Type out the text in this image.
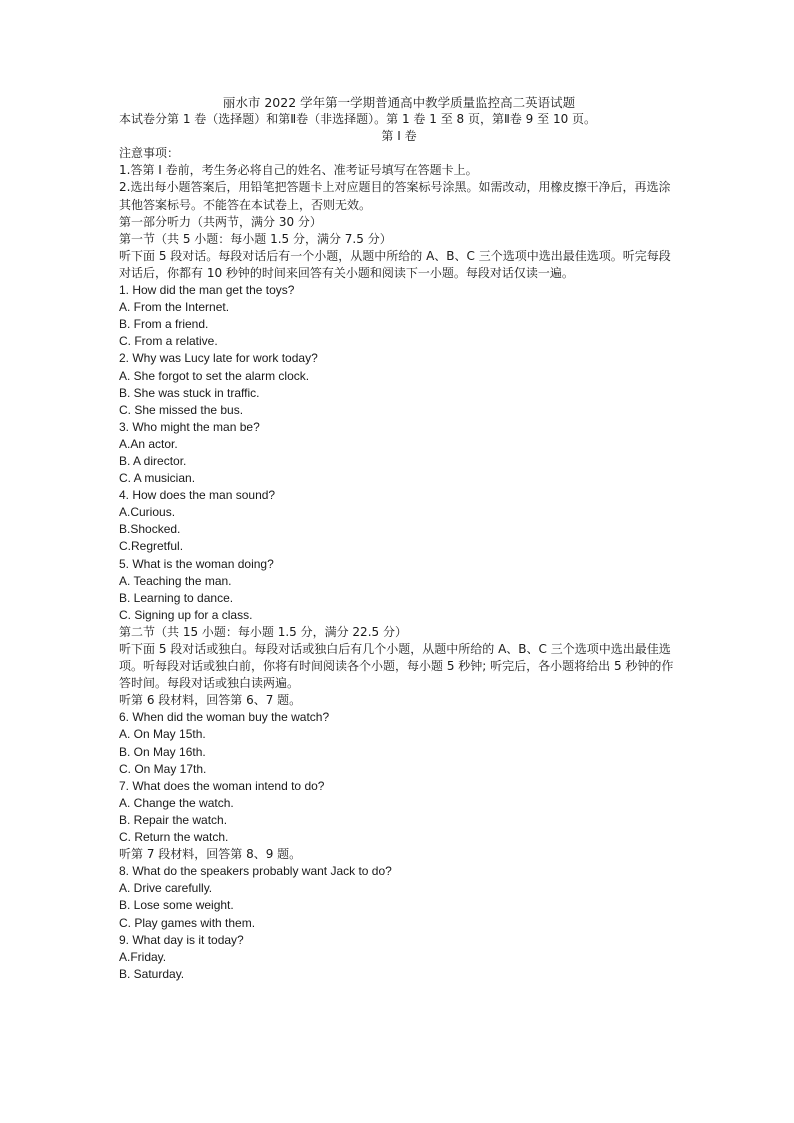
丽水市 2022 学年第一学期普通高中教学质量监控高二英语试题
本试卷分第 1 卷（选择题）和第Ⅱ卷（非选择题）。第 1 卷 1 至 8 页，第Ⅱ卷 9 至 10 页。
第 I 卷
注意事项：
1.答第 I 卷前，考生务必将自己的姓名、准考证号填写在答题卡上。
2.选出每小题答案后，用铅笔把答题卡上对应题目的答案标号涂黑。如需改动，用橡皮擦干净后，再选涂其他答案标号。不能答在本试卷上，否则无效。
第一部分听力（共两节，满分 30 分）
第一节（共 5 小题：每小题 1.5 分，满分 7.5 分）
听下面 5 段对话。每段对话后有一个小题，从题中所给的 A、B、C 三个选项中选出最佳选项。听完每段对话后，你都有 10 秒钟的时间来回答有关小题和阅读下一小题。每段对话仅读一遍。
1. How did the man get the toys?
A. From the Internet.
B. From a friend.
C. From a relative.
2. Why was Lucy late for work today?
A. She forgot to set the alarm clock.
B. She was stuck in traffic.
C. She missed the bus.
3. Who might the man be?
A.An actor.
B. A director.
C. A musician.
4. How does the man sound?
A.Curious.
B.Shocked.
C.Regretful.
5. What is the woman doing?
A. Teaching the man.
B. Learning to dance.
C. Signing up for a class.
第二节（共 15 小题：每小题 1.5 分，满分 22.5 分）
听下面 5 段对话或独白。每段对话或独白后有几个小题，从题中所给的 A、B、C 三个选项中选出最佳选项。听每段对话或独白前，你将有时间阅读各个小题，每小题 5 秒钟; 听完后，各小题将给出 5 秒钟的作答时间。每段对话或独白读两遍。
听第 6 段材料，回答第 6、7 题。
6. When did the woman buy the watch?
A. On May 15th.
B. On May 16th.
C. On May 17th.
7. What does the woman intend to do?
A. Change the watch.
B. Repair the watch.
C. Return the watch.
听第 7 段材料，回答第 8、9 题。
8. What do the speakers probably want Jack to do?
A. Drive carefully.
B. Lose some weight.
C. Play games with them.
9. What day is it today?
A.Friday.
B. Saturday.
